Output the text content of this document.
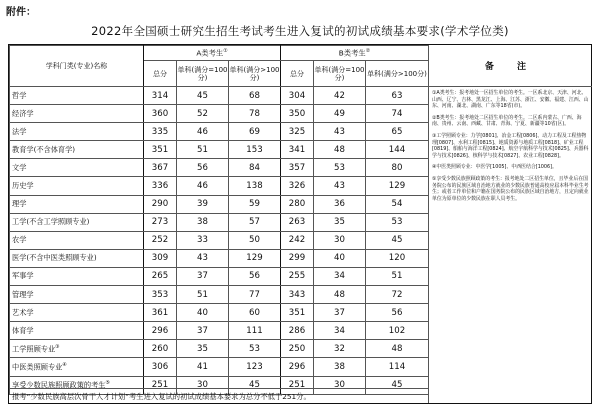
附件：
2022年全国硕士研究生招生考试考生进入复试的初试成绩基本要求(学术学位类)
学科门类(专业)名称	A类考生①			B类考生②
	总分	单科(满分=100分)	单科(满分>100分)	总分	单科(满分=100分)	单科(满分>100分)
哲学	314	45	68	304	42	63
经济学	360	52	78	350	49	74
法学	335	46	69	325	43	65
教育学(不含体育学)	351	51	153	341	48	144
文学	367	56	84	357	53	80
历史学	336	46	138	326	43	129
理学	290	39	59	280	36	54
工学(不含工学照顾专业)	273	38	57	263	35	53
农学	252	33	50	242	30	45
医学(不含中医类照顾专业)	309	43	129	299	40	120
军事学	265	37	56	255	34	51
管理学	353	51	77	343	48	72
艺术学	361	40	60	351	37	56
体育学	296	37	111	286	34	102
工学照顾专业③	260	35	53	250	32	48
中医类照顾专业④	306	41	123	296	38	114
享受少数民族照顾政策的考生⑤	251	30	45	251	30	45
备 注

①A类考生：报考地处一区招生单位的考生。一区系北京、天津、河北、山西、辽宁、吉林、黑龙江、上海、江苏、浙江、安徽、福建、江西、山东、河南、湖北、湖南、广东等18省(市)。

②B类考生：报考地处二区招生单位的考生。二区系内蒙古、广西、海南、贵州、云南、西藏、甘肃、青海、宁夏、新疆等10省(区)。

③工学照顾专业：力学[0801]、冶金工程[0806]、动力工程及工程热物理[0807]、水利工程[0815]、地质资源与地质工程[0818]、矿业工程[0819]、船舶与海洋工程[0824]、航空宇航科学与技术[0825]、兵器科学与技术[0826]、核科学与技术[0827]、农业工程[0828]。

④中医类照顾专业：中医学[1005]、中西医结合[1006]。

⑤享受少数民族照顾政策的考生：报考地处二区招生单位，且毕业后在国务院公布的民族区域自治地方就业的少数民族普通高校应届本科毕业生考生；或者工作单位和户籍在国务院公布的民族区域自治地方，且定向就业单位为原单位的少数民族在职人员考生。

报考“少数民族高层次骨干人才计划”考生进入复试的初试成绩基本要求为总分不低于251分。
